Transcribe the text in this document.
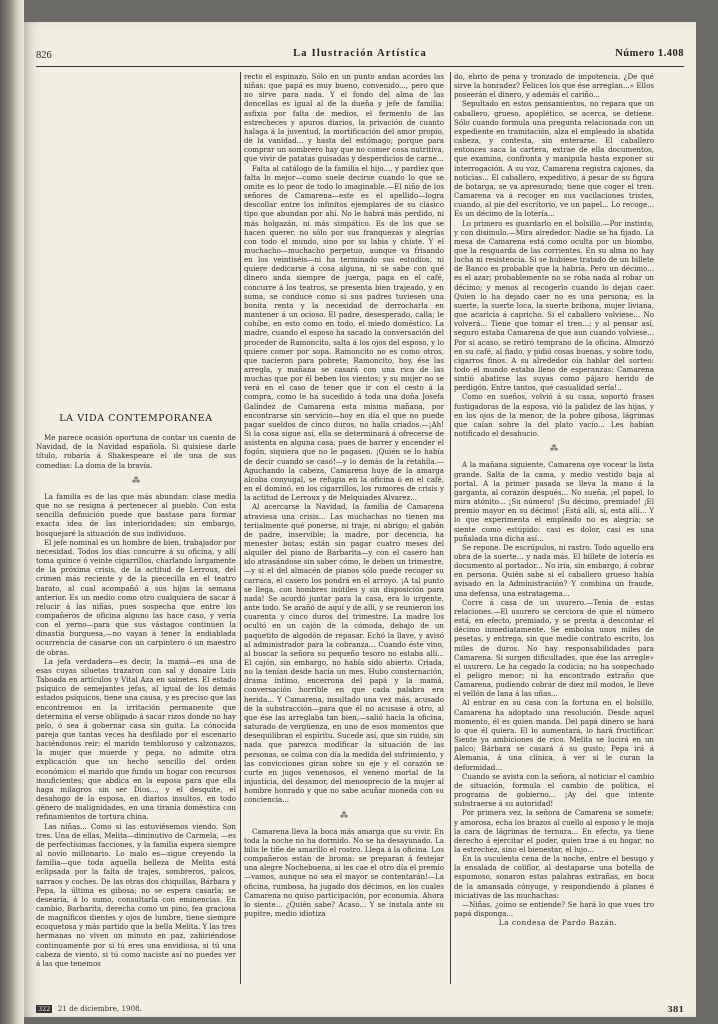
826	La Ilustración Artística	Número 1.408
LA VIDA CONTEMPORÁNEA

Me parece ocasión oportuna de contar un cuento de Navidad, de la Navidad española. Si quisiese darle título, robaría á Shakespeare el de una de sus comedias: La doma de la bravía.

⁂

La familia es de las que más abundan: clase media que no se resigna á pertenecer al pueblo. Con esta sencilla definición puede que bastase para formar exacta idea de las interioridades; sin embargo, bosquejaré la situación de sus individuos.

El jefe nominal es un hombre de bien, trabajador por necesidad. Todos los días concurre á su oficina, y allí toma quince ó veinte cigarrillos, charlando largamente de la próxima crisis, de la actitud de Lerroux, del crimen más reciente y de la piececilla en el teatro barato, al cual acompañó á sus hijas la semana anterior. Es un medio como otro cualquiera de sacar á relucir á las niñas, pues sospecha que entre los compañeros de oficina alguno las hace caso, y vería con el yerno—para que sus vástagos continúen la dinastía burguesa,—no vayan á tener la endiablada ocurrencia de casarse con un carpintero ó un maestro de obras.

La jefa verdadera—es decir, la mamá—es una de esas cuyas siluetas trazaron con sal y donaire Luis Taboada en artículos y Vital Aza en sainetes. El estado psíquico de semejantes jefas, al igual de los demás estados psíquicos, tiene una causa, y es preciso que las encontremos en la irritación permanente que determina el verse obligado á sacar rizos donde no hay pelo, ó sea á gobernar casa sin guita. La cónocida pareja que tantas veces ha desfilado por el escenario haciéndonos reir; el marido tembloroso y calzonazos, la mujer que muerde y pega, no admite otra explicación que un hecho sencillo del orden económico: el marido que funda un hogar con recursos insuficientes; que abdica en la esposa para que ella haga milagros sin ser Dios..., y el desquite, el desahogo de la esposa, en diarios insultos, en todo género de malignidades, en una tiranía doméstica con refinamientos de tortura china.

Las niñas... Como si las estuviésemos viendo. Son tres. Una de ellas, Melita—diminutivo de Carmela, —es de perfectísimas facciones, y la familia espera siempre al novio millonario. Lo malo es—sigue creyendo la familia—que toda aquella belleza de Melita está eclipsada por la falta de trajes, sombreros, palcos, sarraos y coches. De las otras dos chiquillas, Bárbara y Pepa, la última es gibosa; no se espera casarla; se desearía, á lo sumo, consultarla con eminencias. En cambio, Barbarita, derecha como un pino, fea graciosa de magníficos dientes y ojos de lumbre, tiene siempre ecoquetosa y más partido que la bella Melita. Y las tres hermanas no viven un minuto en paz, zahiriéndose continuamente por si tú eres una envidiosa, si tú una cabeza de viento, si tú como naciste así no puedes ver á las que tenemos

recto el espinazo. Sólo en un punto andan acordes las niñas: que papá es muy bueno, convenido..., pero que no sirve para nada. Y el fondo del alma de las doncellas es igual al de la dueña y jefe de familia: asfixia por falta de medios, el fermento de las estrecheces y apuros diarios, la privación de cuanto halaga á la juventud, la mortificación del amor propio, de la vanidad... y hasta del estómago; porque para comprar un sombrero hay que no comer cosa nutritiva, que vivir de patatas guisadas y desperdicios de carne...

Falta al catálogo de la familia el hijo..., y pardiez que falta lo mejor—como suele decirse cuando lo que se omite es lo peor de todo lo imaginable.—El niño de los señores de Camarena—este es el apellido—logra descollar entre los infinitos ejemplares de su clásico tipo que abundan por ahí. No le habrá más perdido, ni más holgazán, ni más simpático. Es de los que se hacen querer, no sólo por sus franquezas y alegrías con todo el mundo, sino por su labia y chiste. Y el muchacho—muchacho perpetuo, aunque va frisando en los veintiséis—ni ha terminado sus estudios, ni quiere dedicarse á cosa alguna, ni se sabe con qué dinero anda siempre de juerga, paga en el café, concurre á los teatros, se presenta bien trajeado, y en suma, se conduce como si sus padres tuviesen una bonita renta y la necesidad de derrocharla en mantener á un ocioso. El padre, desesperado, calla; le cohíbe, en esto como en todo, el miedo doméstico. La madre, cuando el esposo ha sacado la conversación del proceder de Ramoncito, salta á los ojos del esposo, y lo quiere comer por sopa. Ramoncito no es como otros, que nacieron para pobrete; Ramoncito, hoy, ése las arregla, y mañana se casará con una rica de las muchas que por él beben los vientos; y su mujer no se verá en el caso de tener que ir con el cesto á la compra, como le ha sucedido á toda una doña Josefa Galíndez de Camarena esta misma mañana, por encontrarse sin servicio—hoy en día el que no puede pagar sueldos de cinco duros, no halla criados.—¡Ah! Si la cosa sigue así, ella se determinará á ofrecerse de asistenta en alguna casa; pues de barrer y encender el fogón, siquiera que no le pagasen. ¡Quién se lo había de decir cuando se casó!—y lo demás de la retahíla.—Aguchando la cabeza, Camarena huye de la amarga alcoba conyugal, se refugia en la oficina ó en el café, en el dominó, en los cigarrillos, los rumores de crisis y la actitud de Lerroux y de Melquiades Alvarez...

Al acercarse la Navidad, la familia de Camarena atraviesa una crisis... Las muchachas no tienen ma teriialmente qué ponerse, ni traje, ni abrigo; el gabán de padre, inservible; la madre, por decencia, ha menester botas; están sin pagar cuatro meses del alquiler del piano de Barbarita—y con el casero han ido atrasándose sin saber cómo, le deben un trimestre, —y si el del almacén de pianos sólo puede recoger su carraca, el casero los pondrá en el arroyo. ¡A tal punto se llega, con hombres inútiles y sin disposición para nada! Se acordó juntar para la casa, era lo urgente, ante todo. Se arañó de aquí y de allí, y se reunieron los cuarenta y cinco duros del trimestre. La madre los ocultó en un cajón de la cómoda, debajo de un paquetito de algodón de repasar. Echó la llave, y avisó al administrador para la cobranza... Cuando éste vino, al buscar la señora su pequeño tesoro no estaba allí... El cajón, sin embargo, no había sido abierto. Criada, no la tenían desde hacía un mes. Hubo consternación, drama íntimo, encerrona del papá y la mamá, conversación horrible en que cada palabra era herida... Y Camarena, insultado una vez más, acusado de la substracción—para que él no acusase á otro, al que ése las arreglaba tan bien,—salió hacia la oficina, saturado de vergüenza, en uno de esos momentos que desequilibran el espíritu. Sucede así, que sin ruido, sin nada que parezca modificar la situación de las personas, se colma con día la medida del sufrimiento, y las convicciones giran sobre su eje y el corazón se curte en jugos venenosos, el veneno mortal de la injusticia, del desamor, del menosprecio de la mujer al hombre honrado y que no sabe acuñar moneda con su conciencia...

⁂

Camarena lleva la boca más amarga que su vivir. En toda la noche no ha dormido. No se ha desayunado. La bilis le tiñe de amarillo el rostro. Llega á la oficina. Los compañeros están de broma: se preparan á festejar una alegre Nochebuena, si les cae el otro día el premio—vamos, aunque no sea el mayor se contentarán!—La oficina, rumbosa, ha jugado dos décimos, en los cuales Camarena no quiso participación, por economía. Ahora lo siente... ¿Quién sabe? Acaso... Y se instala ante su pupitre, medio idiotiza

do, ebrio de pena y tronzado de impotencia. ¿De qué sirve la honradez? Felices los que ése arreglan...» Ellos poseerán el dinero, y además el cariño...

Sepultado en estos pensamientos, no repara que un caballero, grueso, apoplético, se acerca, se detiene. Sólo cuando formula una pregunta relacionada con un expediente en tramitación, alza el empleado la abatida cabeza, y contesta, sin enterarse. El caballero entonces saca la cartera, extrae de ella documentos, que examina, confronta y manipula hasta exponer su interrogación. A su voz, Camarena registra cajones, da noticias... El caballero, expeditivo, á pesar de su figura de botarga, se va apresurado; tiene que coger el tren. Camarena va á recoger en sus vacilaciones tristes, cuando, al pie del escritorio, ve un papel... Lo recoge... Es un décimo de la lotería...

Lo primero es guardarlo en el bolsillo.—Por instinto, y con disimulo.—Mira alrededor. Nadie se ha fijado. La mesa de Camarena está como oculta por un biombo, que la resguarda de las corrientes. En su alma no hay lucha ni resistencia. Si se hubiese tratado de un billete de Banco es probable que la habría. Pero un décimo... es el azar; probablemente no se roba nada al robar un décimo; y menos al recogerlo cuando lo dejan caer. Quien lo ha dejado caer no es una persona; es la suerte, la suerte loca, la suerte bribona, mujer liviana, que acaricia á capricho. Si el caballero volviese... No volverá... Tiene que tomar el tren...; y al pensar así, seguro estaba Camarena de que aun cuando volviese... Por si acaso, se retiró temprano de la oficina. Almorzó en su café, al fiado, y pidió cosas buenas, y sobre todo, cigarros finos. A su alrededor oía hablar del sorteo: todo el mundo estaba lleno de esperanzas: Camarena sintió abatirse las suyas como pájaro herido de perdigón. Entre tantos, qué casualidad sería!..

Como en sueños, volvió á su casa, soportó frases fustigadoras de la esposa, vió la palidez de las hijas, y en los ojos de la menor, de la pobre gibosa, lágrimas que caían sobre la del plato vacío... Les habían notificado el desahucio.

⁂

A la mañana siguiente, Camarena oye vocear la lista grande. Salta de la cama, y medio vestido baja al portal. A la primer pasada se lleva la mano á la garganta, al corazón después... No sueña, ¡el papel, lo mira atónito... ¡Su número! ¡Su décimo, premiado! ¡El premio mayor en su décimo! ¡Está allí, sí, está allí... Y lo que experimenta el empleado no es alegría; se siente como estúpido: casi es dolor, casi es una puñalada una dicha así...

Se repone. De escrúpulos, ni rastro. Todo aquello era obra de la suerte... y nada más. El billete de lotería es documento al portador... No iría, sin embargo, á cobrar en persona. Quién sabe si el caballero grueso había avisado en la Administración? Y combina un fraude, una defensa, una estratagema...

Corre á casa de un usurero.—Tenía de estas relaciones.—El usurero se cerciora de que el número está, en efecto, premiado, y se presta á descontar el décimo inmediatamente. Se embolsa unos miles de pesetas, y entrega, sin que medie contrato escrito, los miles de duros. No hay responsabilidades para Camarena. Si surgen dificultades, que ése las arregle» el usurero. Le ha cegado la codicia; no ha sospechado el peligro menor; ni ha encontrado extraño que Camarena, pudiendo cobrar de diez mil modos, le lleve el vellón de lana á las uñas...

Al entrar en su casa con la fortuna en el bolsillo, Camarena ha adoptado una resolución. Desde aquel momento, él es quien manda. Del papá dinero se hará lo que él quiera. El lo aumentará, lo hará fructificar. Siente ya ambiciones de rico. Melita se lucirá en un palco; Bárbara se casará á su gusto; Pepa irá á Alemania, á una clínica, á ver si le curan la deformidad...

Cuando se avista con la señora, al noticiar el cambio de situación, formula el cambio de política, el programa de gobierno... ¡Ay del que intente substraerse á su autoridad!

Por primera vez, la señora de Camarena se somete; y amorosa, echa los brazos al cuello al esposo y le moja la cara de lágrimas de ternura... En efecto, ya tiene derecho á ejercitar el poder, quien trae á su hogar, no la estrechez, sino el bienestar, el lujo...

En la suculenta cena de la noche, entre el besugo y la ensalada de coliflor, al destaparse una botella de espumoso, sonaron estas palabras extrañas, en boca de la amansada cónyuge, y respondiendo á planes é iniciativas de las muchachas:

—Niñas, ¿oímo se entiende? Se hará lo que vues tro papá disponga...

La condesa de Pardo Bazán.

322 21 de diciembre, 1908.	381
